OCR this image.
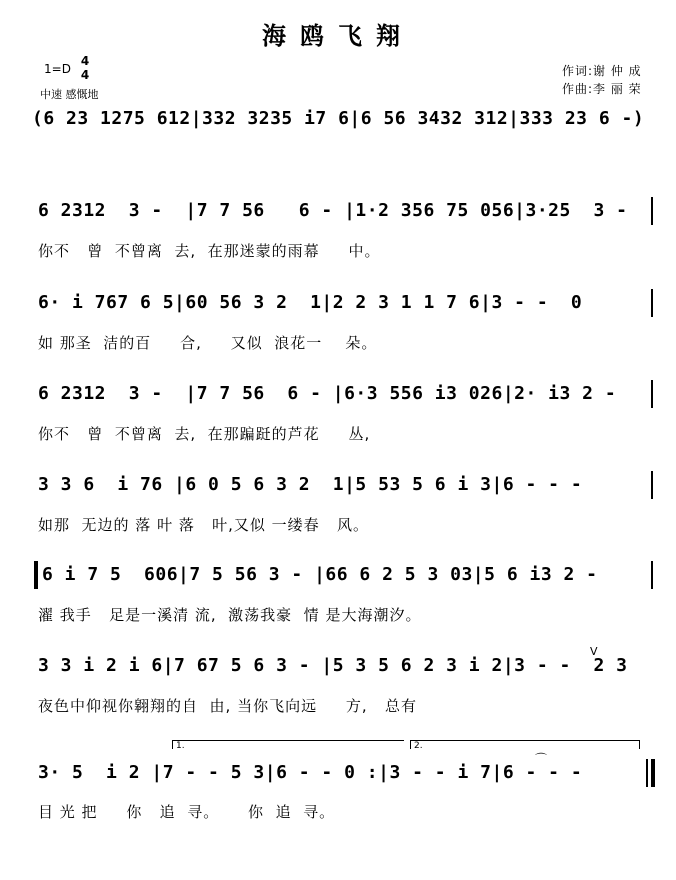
海鸥飞翔
1=D
4
4
中速 感慨地
作词:谢 仲 成
作曲:李 丽 荣
(6 23 1275 612|332 3235 i7 6|6 56 3432 312|333 23 6 -)
6 2312  3 -  |7 7 56   6 - |1·2 356 75 056|3·25  3 -
你不   曾  不曾离  去,  在那迷蒙的雨幕     中。
6· i 767 6 5|60 56 3 2  1|2 2 3 1 1 7 6|3 - -  0
如 那圣  洁的百     合,     又似  浪花一    朵。
6 2312  3 -  |7 7 56  6 - |6·3 556 i3 026|2· i3 2 -
你不   曾  不曾离  去,  在那蹁跹的芦花     丛,
3 3 6  i 76 |6 0 5 6 3 2  1|5 53 5 6 i 3|6 - - -
如那  无边的 落 叶 落   叶,又似 一缕春   风。
6 i 7 5  606|7 5 56 3 - |66 6 2 5 3 03|5 6 i3 2 -
濯 我手   足是一溪清 流,  激荡我豪  情 是大海潮汐。
3 3 i 2 i 6|7 67 5 6 3 - |5 3 5 6 2 3 i 2|3 - -  2 3
V
夜色中仰视你翱翔的自  由, 当你飞向远     方,   总有
1.	2.
3· 5  i 2 |7 - - 5 3|6 - - 0 :|3 - - i 7|6 - - -
⌒
目 光 把     你   追  寻。     你  追  寻。
